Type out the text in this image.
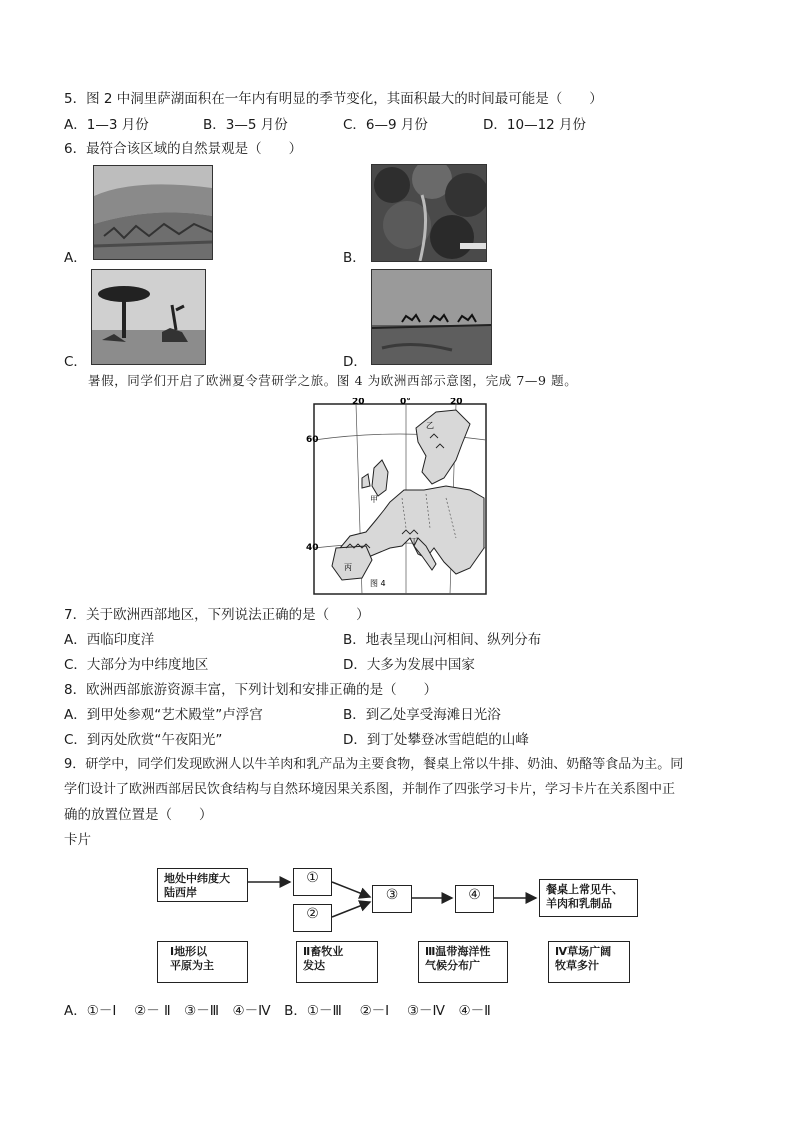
5．图 2 中洞里萨湖面积在一年内有明显的季节变化，其面积最大的时间最可能是（　　）
A．1—3 月份	B．3—5 月份	C．6—9 月份	D．10—12 月份
6．最符合该区域的自然景观是（　　）
A．	B．
C．	D．
暑假，同学们开启了欧洲夏令营研学之旅。图 4 为欧洲西部示意图，完成 7—9 题。
20	0°	20
60
40
甲
乙
丙
丁
图 4
7．关于欧洲西部地区，下列说法正确的是（　　）
A．西临印度洋	B．地表呈现山河相间、纵列分布
C．大部分为中纬度地区	D．大多为发展中国家
8．欧洲西部旅游资源丰富，下列计划和安排正确的是（　　）
A．到甲处参观“艺术殿堂”卢浮宫	B．到乙处享受海滩日光浴
C．到丙处欣赏“午夜阳光”	D．到丁处攀登冰雪皑皑的山峰
9．研学中，同学们发现欧洲人以牛羊肉和乳产品为主要食物，餐桌上常以牛排、奶油、奶酪等食品为主。同
学们设计了欧洲西部居民饮食结构与自然环境因果关系图，并制作了四张学习卡片，学习卡片在关系图中正
确的放置位置是（　　）
卡片
地处中纬度大
陆西岸
①
②
③	④	餐桌上常见牛、
羊肉和乳制品
Ⅰ地形以
平原为主
Ⅱ畜牧业
发达
Ⅲ温带海洋性
气候分布广
Ⅳ草场广阔
牧草多汁
A．①－Ⅰ　 ②－ Ⅱ　③－Ⅲ　④－Ⅳ　B．①－Ⅲ　 ②－Ⅰ　 ③－Ⅳ　④－Ⅱ
